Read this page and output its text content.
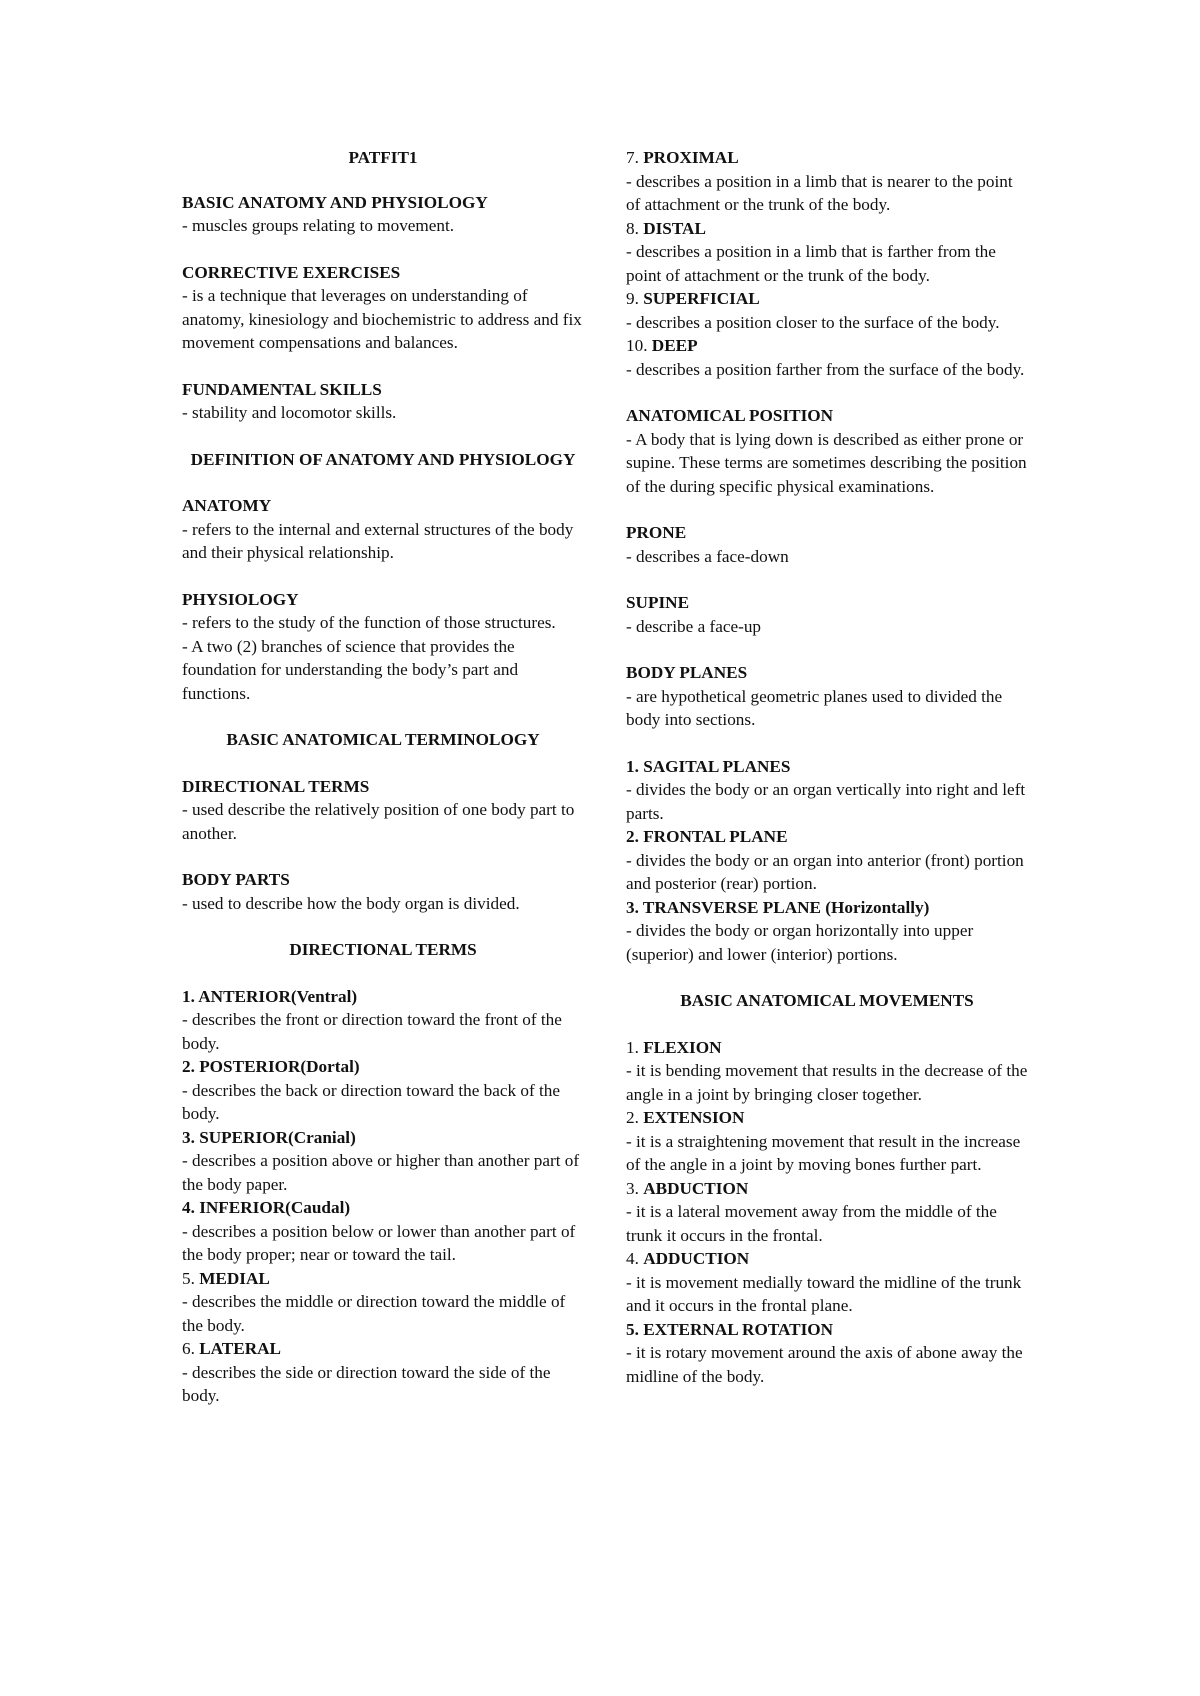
PATFIT1
BASIC ANATOMY AND PHYSIOLOGY
- muscles groups relating to movement.
CORRECTIVE EXERCISES
- is a technique that leverages on understanding of anatomy, kinesiology and biochemistric to address and fix movement compensations and balances.
FUNDAMENTAL SKILLS
- stability and locomotor skills.
DEFINITION OF ANATOMY AND PHYSIOLOGY
ANATOMY
- refers to the internal and external structures of the body and their physical relationship.
PHYSIOLOGY
- refers to the study of the function of those structures.
- A two (2) branches of science that provides the foundation for understanding the body’s part and functions.
BASIC ANATOMICAL TERMINOLOGY
DIRECTIONAL TERMS
- used describe the relatively position of one body part to another.
BODY PARTS
- used to describe how the body organ is divided.
DIRECTIONAL TERMS
1. ANTERIOR(Ventral)
- describes the front or direction toward the front of the body.
2. POSTERIOR(Dortal)
- describes the back or direction toward the back of the body.
3. SUPERIOR(Cranial)
- describes a position above or higher than another part of the body paper.
4. INFERIOR(Caudal)
- describes a position below or lower than another part of the body proper; near or toward the tail.
5. MEDIAL
- describes the middle or direction toward the middle of the body.
6. LATERAL
- describes the side or direction toward the side of the body.
7. PROXIMAL
- describes a position in a limb that is nearer to the point of attachment or the trunk of the body.
8. DISTAL
- describes a position in a limb that is farther from the point of attachment or the trunk of the body.
9. SUPERFICIAL
- describes a position closer to the surface of the body.
10. DEEP
- describes a position farther from the surface of the body.
ANATOMICAL POSITION
- A body that is lying down is described as either prone or supine. These terms are sometimes describing the position of the during specific physical examinations.
PRONE
- describes a face-down
SUPINE
- describe a face-up
BODY PLANES
- are hypothetical geometric planes used to divided the body into sections.
1. SAGITAL PLANES
- divides the body or an organ vertically into right and left parts.
2. FRONTAL PLANE
- divides the body or an organ into anterior (front) portion and posterior (rear) portion.
3. TRANSVERSE PLANE (Horizontally)
- divides the body or organ horizontally into upper (superior) and lower (interior) portions.
BASIC ANATOMICAL MOVEMENTS
1. FLEXION
- it is bending movement that results in the decrease of the angle in a joint by bringing closer together.
2. EXTENSION
- it is a straightening movement that result in the increase of the angle in a joint by moving bones further part.
3. ABDUCTION
- it is a lateral movement away from the middle of the trunk it occurs in the frontal.
4. ADDUCTION
- it is movement medially toward the midline of the trunk and it occurs in the frontal plane.
5. EXTERNAL ROTATION
- it is rotary movement around the axis of abone away the midline of the body.
